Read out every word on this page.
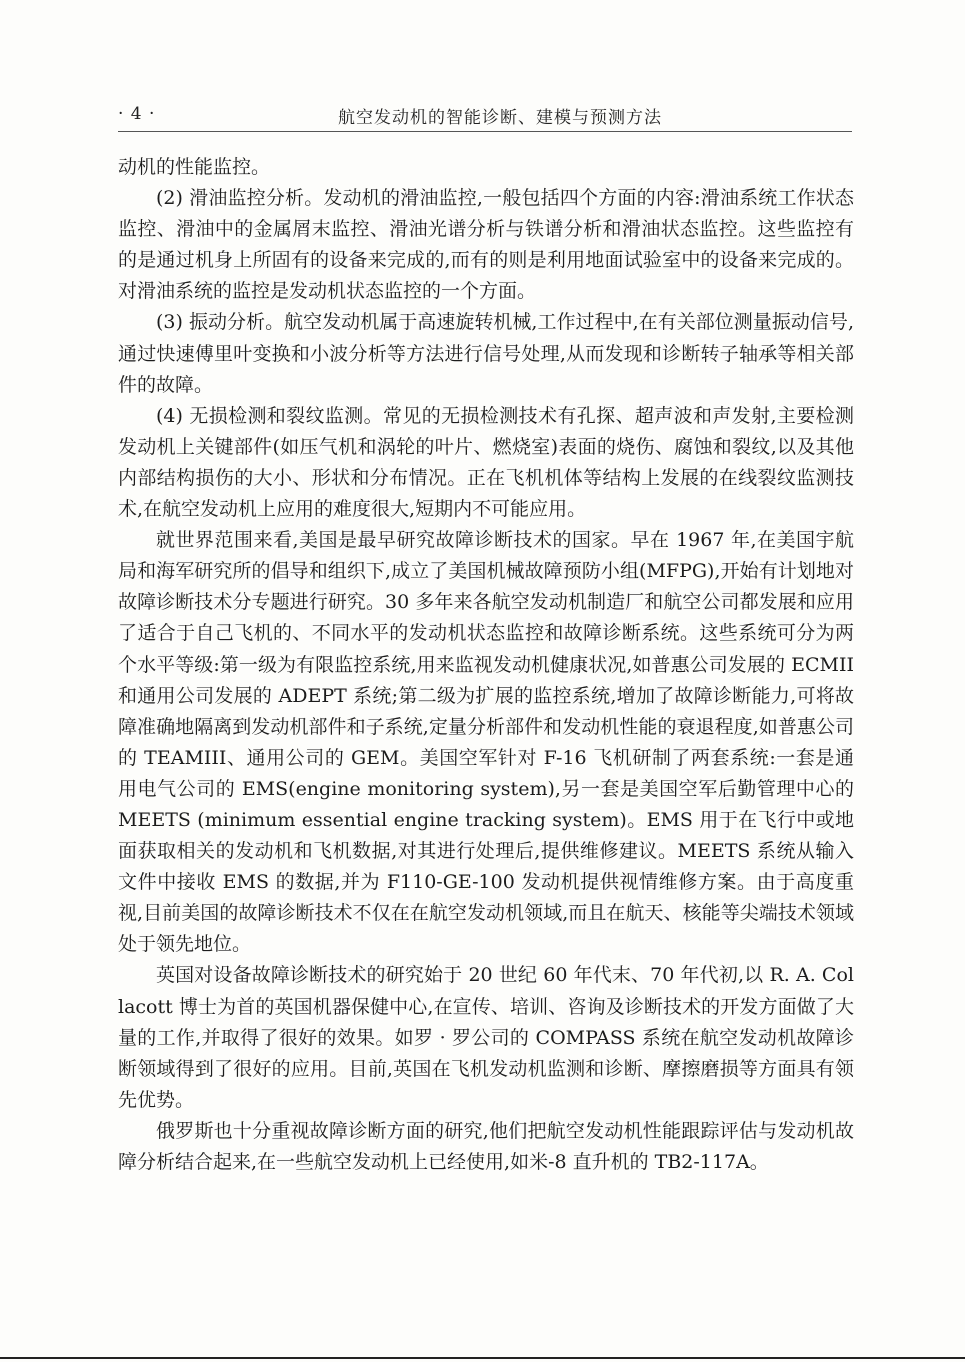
· 4 ·	航空发动机的智能诊断、建模与预测方法

动机的性能监控。

(2) 滑油监控分析。发动机的滑油监控,一般包括四个方面的内容:滑油系统工作状态监控、滑油中的金属屑末监控、滑油光谱分析与铁谱分析和滑油状态监控。这些监控有的是通过机身上所固有的设备来完成的,而有的则是利用地面试验室中的设备来完成的。对滑油系统的监控是发动机状态监控的一个方面。

(3) 振动分析。航空发动机属于高速旋转机械,工作过程中,在有关部位测量振动信号,通过快速傅里叶变换和小波分析等方法进行信号处理,从而发现和诊断转子轴承等相关部件的故障。

(4) 无损检测和裂纹监测。常见的无损检测技术有孔探、超声波和声发射,主要检测发动机上关键部件(如压气机和涡轮的叶片、燃烧室)表面的烧伤、腐蚀和裂纹,以及其他内部结构损伤的大小、形状和分布情况。正在飞机机体等结构上发展的在线裂纹监测技术,在航空发动机上应用的难度很大,短期内不可能应用。

就世界范围来看,美国是最早研究故障诊断技术的国家。早在 1967 年,在美国宇航局和海军研究所的倡导和组织下,成立了美国机械故障预防小组(MFPG),开始有计划地对故障诊断技术分专题进行研究。30 多年来各航空发动机制造厂和航空公司都发展和应用了适合于自己飞机的、不同水平的发动机状态监控和故障诊断系统。这些系统可分为两个水平等级:第一级为有限监控系统,用来监视发动机健康状况,如普惠公司发展的 ECMII 和通用公司发展的 ADEPT 系统;第二级为扩展的监控系统,增加了故障诊断能力,可将故障准确地隔离到发动机部件和子系统,定量分析部件和发动机性能的衰退程度,如普惠公司的 TEAMIII、通用公司的 GEM。美国空军针对 F-16 飞机研制了两套系统:一套是通用电气公司的 EMS(engine monitoring system),另一套是美国空军后勤管理中心的 MEETS (minimum essential engine tracking system)。EMS 用于在飞行中或地面获取相关的发动机和飞机数据,对其进行处理后,提供维修建议。MEETS 系统从输入文件中接收 EMS 的数据,并为 F110-GE-100 发动机提供视情维修方案。由于高度重视,目前美国的故障诊断技术不仅在在航空发动机领域,而且在航天、核能等尖端技术领域处于领先地位。

英国对设备故障诊断技术的研究始于 20 世纪 60 年代末、70 年代初,以 R. A. Collacott 博士为首的英国机器保健中心,在宣传、培训、咨询及诊断技术的开发方面做了大量的工作,并取得了很好的效果。如罗 · 罗公司的 COMPASS 系统在航空发动机故障诊断领域得到了很好的应用。目前,英国在飞机发动机监测和诊断、摩擦磨损等方面具有领先优势。

俄罗斯也十分重视故障诊断方面的研究,他们把航空发动机性能跟踪评估与发动机故障分析结合起来,在一些航空发动机上已经使用,如米-8 直升机的 TB2-117A。
